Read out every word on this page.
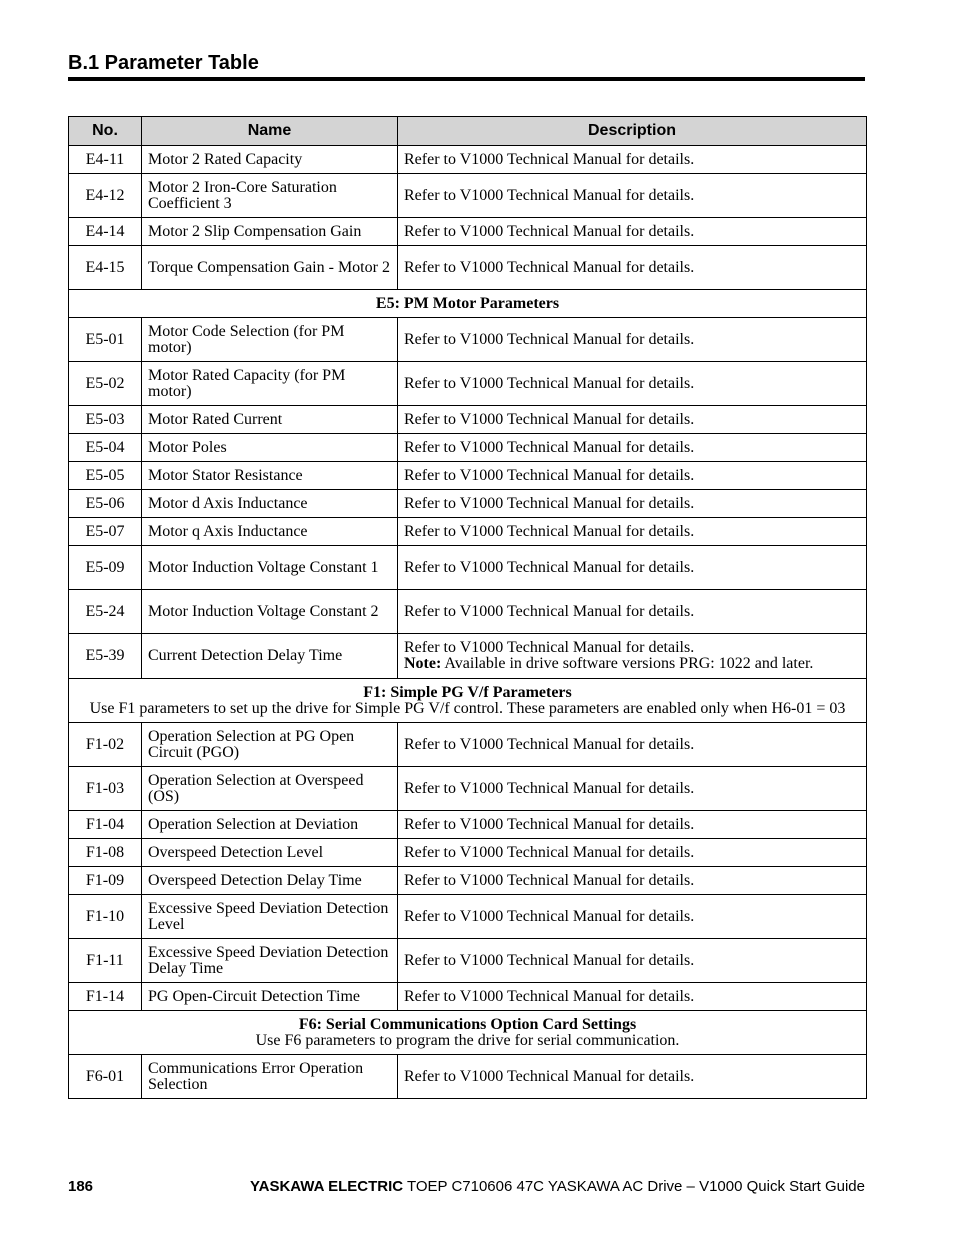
B.1 Parameter Table
No.	Name	Description
E4-11	Motor 2 Rated Capacity	Refer to V1000 Technical Manual for details.
E4-12	Motor 2 Iron-Core Saturation Coefficient 3	Refer to V1000 Technical Manual for details.
E4-14	Motor 2 Slip Compensation Gain	Refer to V1000 Technical Manual for details.
E4-15	Torque Compensation Gain - Motor 2	Refer to V1000 Technical Manual for details.

E5: PM Motor Parameters		

E5-01	Motor Code Selection (for PM motor)	Refer to V1000 Technical Manual for details.
E5-02	Motor Rated Capacity (for PM motor)	Refer to V1000 Technical Manual for details.
E5-03	Motor Rated Current	Refer to V1000 Technical Manual for details.
E5-04	Motor Poles	Refer to V1000 Technical Manual for details.
E5-05	Motor Stator Resistance	Refer to V1000 Technical Manual for details.
E5-06	Motor d Axis Inductance	Refer to V1000 Technical Manual for details.
E5-07	Motor q Axis Inductance	Refer to V1000 Technical Manual for details.
E5-09	Motor Induction Voltage Constant 1	Refer to V1000 Technical Manual for details.
E5-24	Motor Induction Voltage Constant 2	Refer to V1000 Technical Manual for details.
E5-39	Current Detection Delay Time	Refer to V1000 Technical Manual for details.
Note: Available in drive software versions PRG: 1022 and later.

F1: Simple PG V/f Parameters
Use F1 parameters to set up the drive for Simple PG V/f control. These parameters are enabled only when H6-01 = 03		

F1-02	Operation Selection at PG Open Circuit (PGO)	Refer to V1000 Technical Manual for details.
F1-03	Operation Selection at Overspeed (OS)	Refer to V1000 Technical Manual for details.
F1-04	Operation Selection at Deviation	Refer to V1000 Technical Manual for details.
F1-08	Overspeed Detection Level	Refer to V1000 Technical Manual for details.
F1-09	Overspeed Detection Delay Time	Refer to V1000 Technical Manual for details.
F1-10	Excessive Speed Deviation Detection Level	Refer to V1000 Technical Manual for details.
F1-11	Excessive Speed Deviation Detection Delay Time	Refer to V1000 Technical Manual for details.
F1-14	PG Open-Circuit Detection Time	Refer to V1000 Technical Manual for details.

F6: Serial Communications Option Card Settings
Use F6 parameters to program the drive for serial communication.		

F6-01	Communications Error Operation Selection	Refer to V1000 Technical Manual for details.
186	YASKAWA ELECTRIC TOEP C710606 47C YASKAWA AC Drive – V1000 Quick Start Guide
